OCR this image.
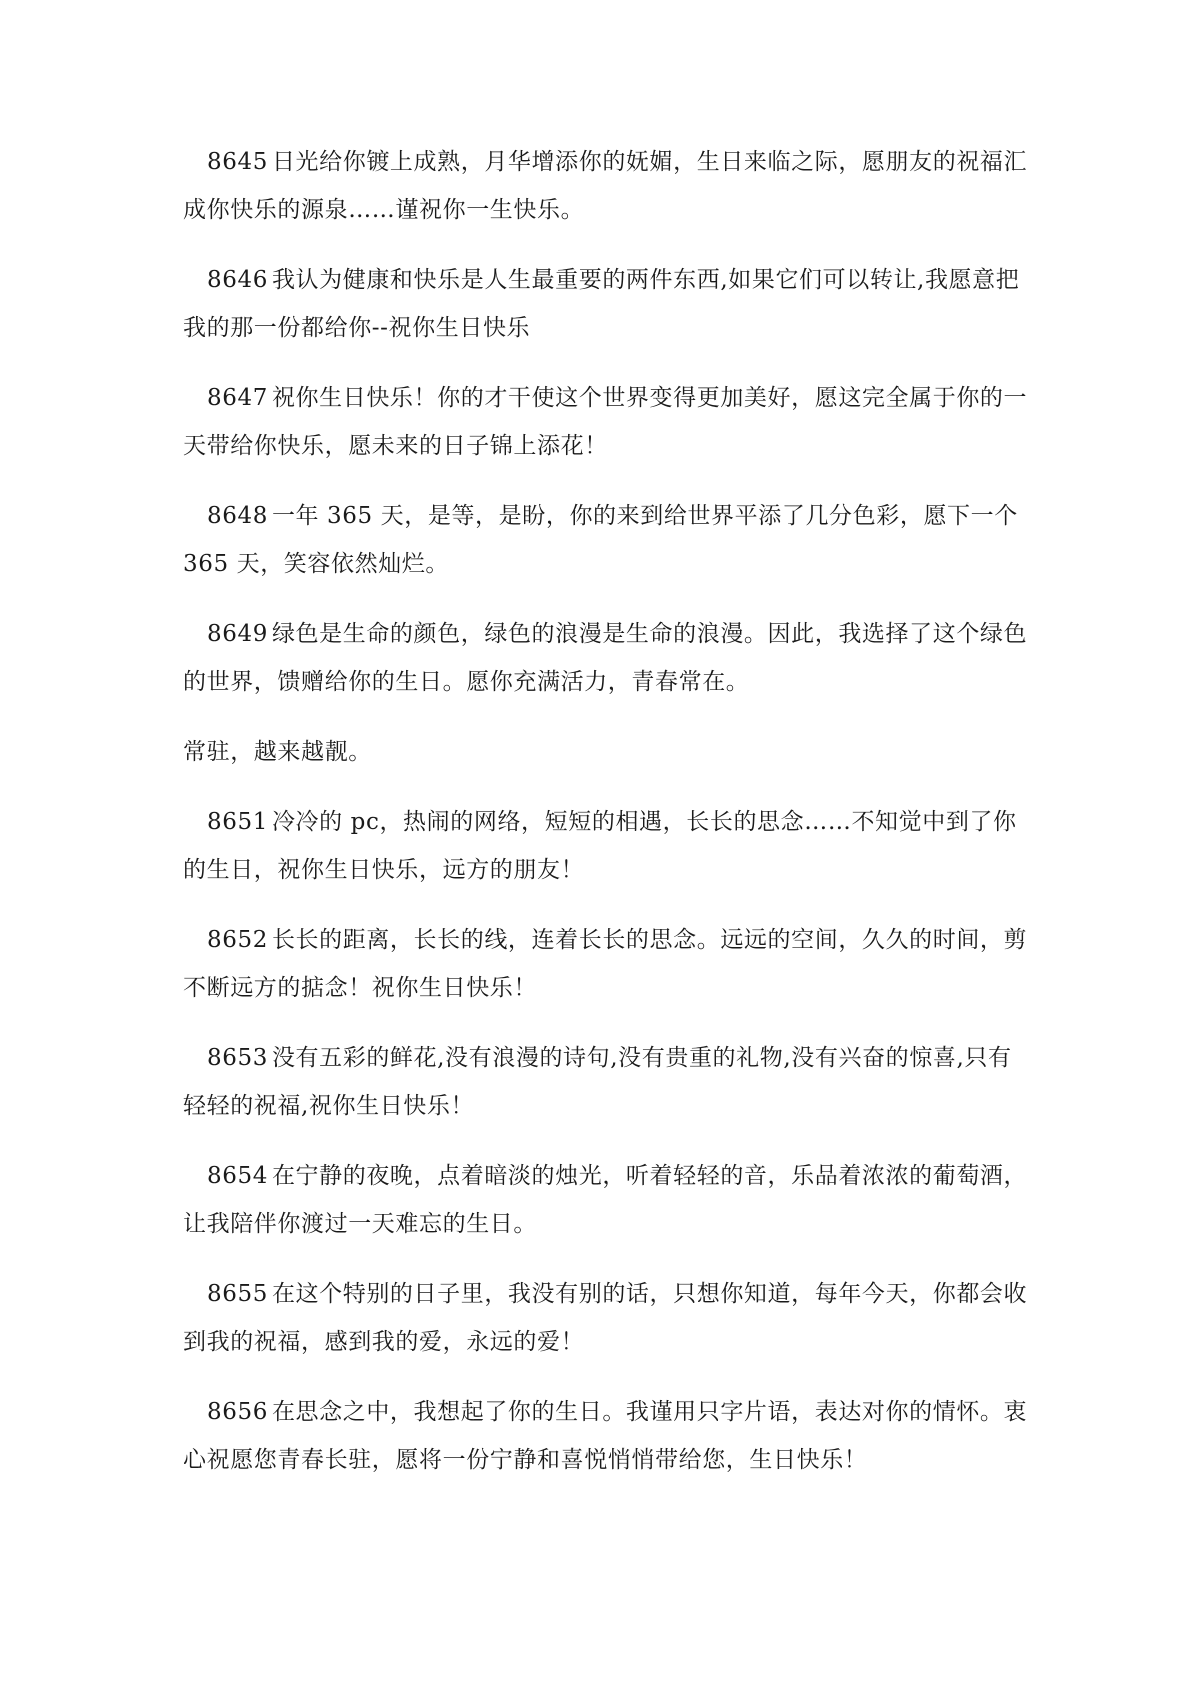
8645 日光给你镀上成熟，月华增添你的妩媚，生日来临之际，愿朋友的祝福汇成你快乐的源泉……谨祝你一生快乐。

8646 我认为健康和快乐是人生最重要的两件东西,如果它们可以转让,我愿意把我的那一份都给你--祝你生日快乐

8647 祝你生日快乐！你的才干使这个世界变得更加美好，愿这完全属于你的一天带给你快乐，愿未来的日子锦上添花！

8648 一年 365 天，是等，是盼，你的来到给世界平添了几分色彩，愿下一个 365 天，笑容依然灿烂。

8649 绿色是生命的颜色，绿色的浪漫是生命的浪漫。因此，我选择了这个绿色的世界，馈赠给你的生日。愿你充满活力，青春常在。

常驻，越来越靓。

8651 冷冷的 pc，热闹的网络，短短的相遇，长长的思念……不知觉中到了你的生日，祝你生日快乐，远方的朋友！

8652 长长的距离，长长的线，连着长长的思念。远远的空间，久久的时间，剪不断远方的掂念！祝你生日快乐！

8653 没有五彩的鲜花,没有浪漫的诗句,没有贵重的礼物,没有兴奋的惊喜,只有轻轻的祝福,祝你生日快乐！

8654 在宁静的夜晚，点着暗淡的烛光，听着轻轻的音，乐品着浓浓的葡萄酒，让我陪伴你渡过一天难忘的生日。

8655 在这个特别的日子里，我没有别的话，只想你知道，每年今天，你都会收到我的祝福，感到我的爱，永远的爱！

8656 在思念之中，我想起了你的生日。我谨用只字片语，表达对你的情怀。衷心祝愿您青春长驻，愿将一份宁静和喜悦悄悄带给您，生日快乐！
